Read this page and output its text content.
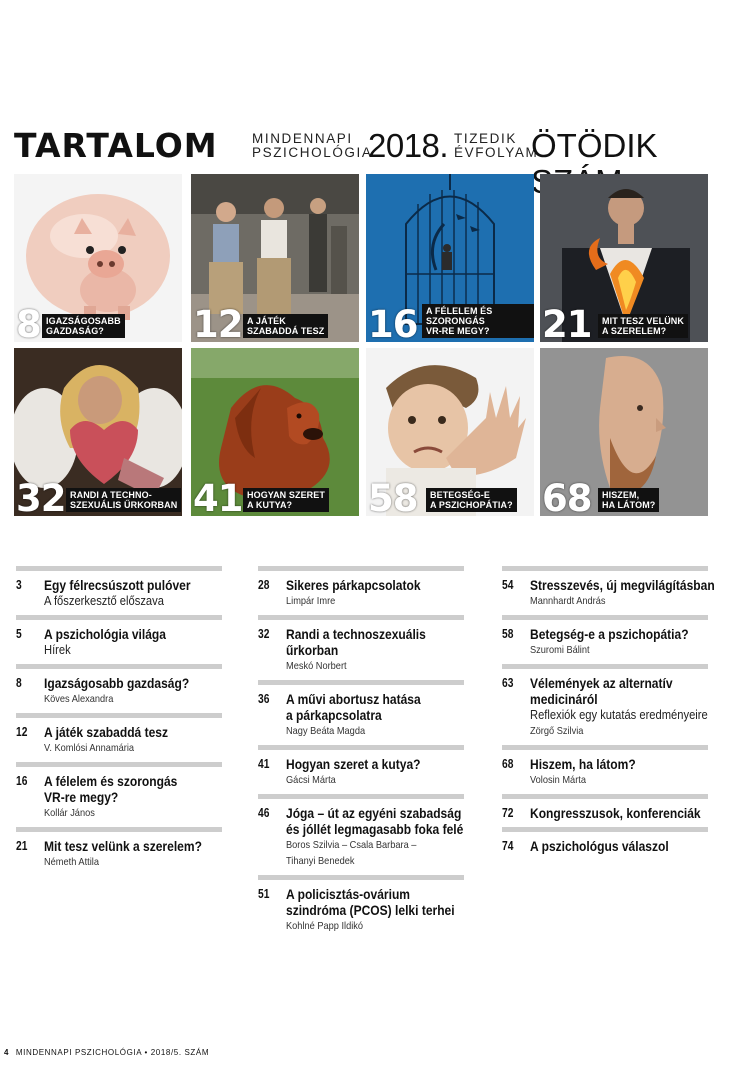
TARTALOM	MINDENNAPI
PSZICHOLÓGIA
2018. TIZEDIK
ÉVFOLYAM
ÖTÖDIK
8 IGAZSÁGOSABB
GAZDASÁG?	12 A JÁTÉK
SZABADDÁ TESZ 16 A FÉLELEM ÉS SZORONGÁS
VR-RE MEGY?	21 MIT TESZ VELÜNK
A SZERELEM?
32 RANDI A TECHNO-
SZEXUÁLIS ŰRKORBAN 41 HOGYAN SZERET
A KUTYA?	58 BETEGSÉG-E
A PSZICHOPÁTIA? 68 HISZEM,
HA LÁTOM?
3 Egy félrecsúszott pulóver
A főszerkesztő előszava
5 A pszichológia világa
Hírek
8 Igazságosabb gazdaság?
Köves Alexandra
12 A játék szabaddá tesz
V. Komlósi Annamária
16 A félelem és szorongás
VR-re megy?
Kollár János
21 Mit tesz velünk a szerelem?
Németh Attila
28 Sikeres párkapcsolatok
Limpár Imre
32 Randi a technoszexuális
űrkorban
Meskó Norbert
36 A művi abortusz hatása
a párkapcsolatra
Nagy Beáta Magda
41 Hogyan szeret a kutya?
Gácsi Márta
46 Jóga – út az egyéni szabadság
és jóllét legmagasabb foka felé
Boros Szilvia – Csala Barbara –
Tihanyi Benedek
51 A policisztás-ovárium
szindróma (PCOS) lelki terhei
Kohlné Papp Ildikó
54 Stresszevés, új megvilágításban
Mannhardt András
58 Betegség-e a pszichopátia?
Szuromi Bálint
63 Vélemények az alternatív
medicináról
Reflexiók egy kutatás eredményeire
Zörgő Szilvia
68 Hiszem, ha látom?
Volosin Márta
72 Kongresszusok, konferenciák
74 A pszichológus válaszol
4 MINDENNAPI PSZICHOLÓGIA • 2018/5. SZÁM
